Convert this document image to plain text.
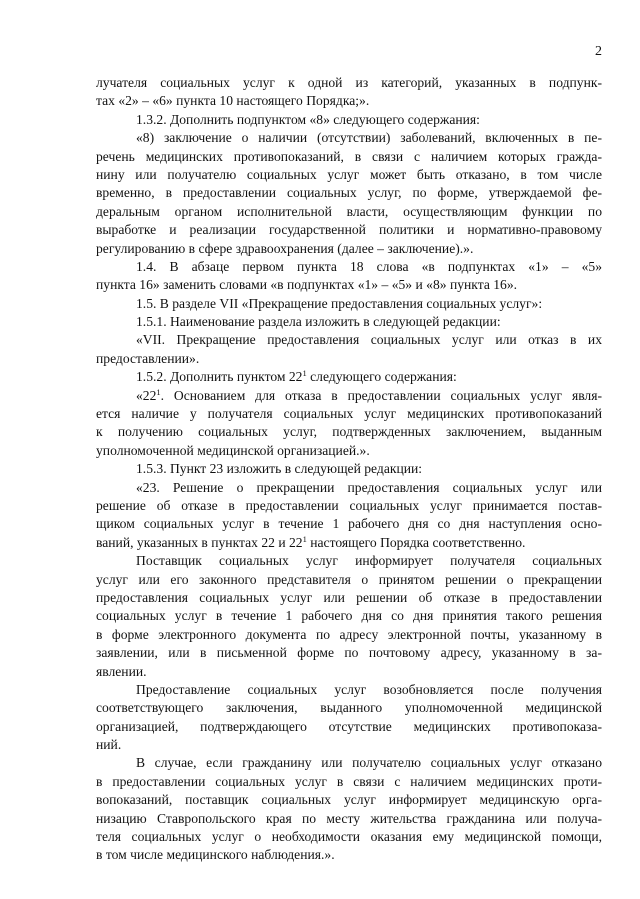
2
лучателя социальных услуг к одной из категорий, указанных в подпунк-
тах «2» – «6» пункта 10 настоящего Порядка;».
1.3.2. Дополнить подпунктом «8» следующего содержания:
«8) заключение о наличии (отсутствии) заболеваний, включенных в пе-
речень медицинских противопоказаний, в связи с наличием которых гражда-
нину или получателю социальных услуг может быть отказано, в том числе
временно, в предоставлении социальных услуг, по форме, утверждаемой фе-
деральным органом исполнительной власти, осуществляющим функции по
выработке и реализации государственной политики и нормативно-правовому
регулированию в сфере здравоохранения (далее – заключение).».
1.4. В абзаце первом пункта 18 слова «в подпунктах «1» – «5»
пункта 16» заменить словами «в подпунктах «1» – «5» и «8» пункта 16».
1.5. В разделе VII «Прекращение предоставления социальных услуг»:
1.5.1. Наименование раздела изложить в следующей редакции:
«VII. Прекращение предоставления социальных услуг или отказ в их
предоставлении».
1.5.2. Дополнить пунктом $22^1$ следующего содержания:
«$22^1$. Основанием для отказа в предоставлении социальных услуг явля-
ется наличие у получателя социальных услуг медицинских противопоказаний
к получению социальных услуг, подтвержденных заключением, выданным
уполномоченной медицинской организацией.».
1.5.3. Пункт 23 изложить в следующей редакции:
«23. Решение о прекращении предоставления социальных услуг или
решение об отказе в предоставлении социальных услуг принимается постав-
щиком социальных услуг в течение 1 рабочего дня со дня наступления осно-
ваний, указанных в пунктах 22 и $22^1$ настоящего Порядка соответственно.
Поставщик социальных услуг информирует получателя социальных
услуг или его законного представителя о принятом решении о прекращении
предоставления социальных услуг или решении об отказе в предоставлении
социальных услуг в течение 1 рабочего дня со дня принятия такого решения
в форме электронного документа по адресу электронной почты, указанному в
заявлении, или в письменной форме по почтовому адресу, указанному в за-
явлении.
Предоставление социальных услуг возобновляется после получения
соответствующего заключения, выданного уполномоченной медицинской
организацией, подтверждающего отсутствие медицинских противопоказа-
ний.
В случае, если гражданину или получателю социальных услуг отказано
в предоставлении социальных услуг в связи с наличием медицинских проти-
вопоказаний, поставщик социальных услуг информирует медицинскую орга-
низацию Ставропольского края по месту жительства гражданина или получа-
теля социальных услуг о необходимости оказания ему медицинской помощи,
в том числе медицинского наблюдения.».
